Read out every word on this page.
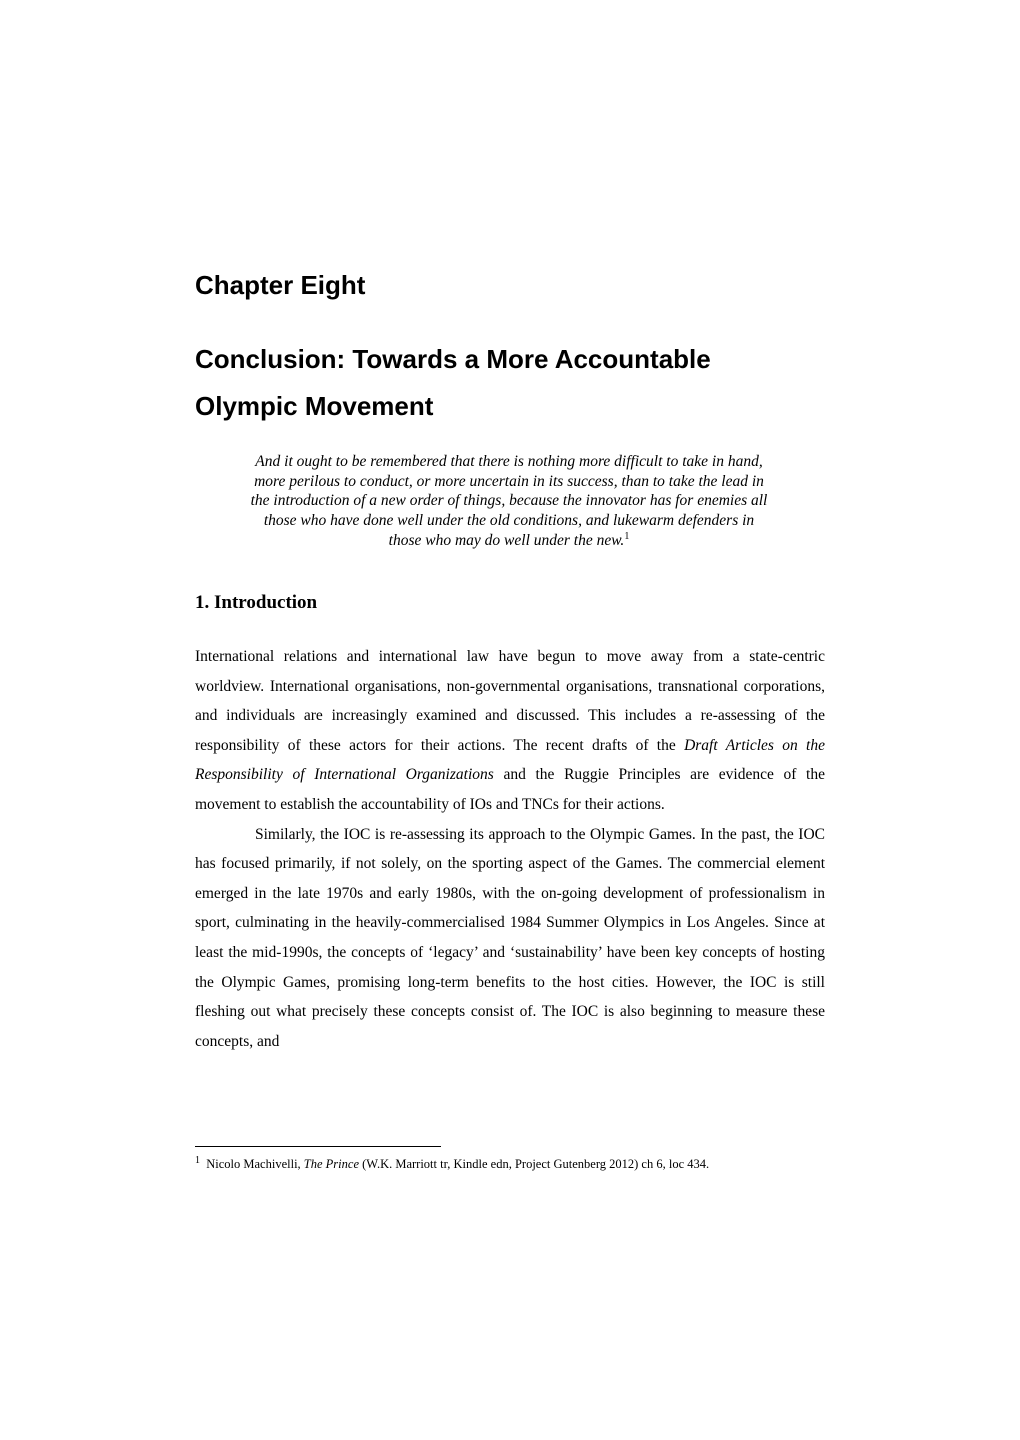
Chapter Eight
Conclusion: Towards a More Accountable
Olympic Movement
And it ought to be remembered that there is nothing more difficult to take in hand, more perilous to conduct, or more uncertain in its success, than to take the lead in the introduction of a new order of things, because the innovator has for enemies all those who have done well under the old conditions, and lukewarm defenders in those who may do well under the new.$^1$
1. Introduction

International relations and international law have begun to move away from a state-centric worldview. International organisations, non-governmental organisations, transnational corporations, and individuals are increasingly examined and discussed. This includes a re-assessing of the responsibility of these actors for their actions. The recent drafts of the Draft Articles on the Responsibility of International Organizations and the Ruggie Principles are evidence of the movement to establish the accountability of IOs and TNCs for their actions.

Similarly, the IOC is re-assessing its approach to the Olympic Games. In the past, the IOC has focused primarily, if not solely, on the sporting aspect of the Games. The commercial element emerged in the late 1970s and early 1980s, with the on-going development of professionalism in sport, culminating in the heavily-commercialised 1984 Summer Olympics in Los Angeles. Since at least the mid-1990s, the concepts of ‘legacy’ and ‘sustainability’ have been key concepts of hosting the Olympic Games, promising long-term benefits to the host cities. However, the IOC is still fleshing out what precisely these concepts consist of. The IOC is also beginning to measure these concepts, and

$^1$ Nicolo Machivelli, The Prince (W.K. Marriott tr, Kindle edn, Project Gutenberg 2012) ch 6, loc 434.
